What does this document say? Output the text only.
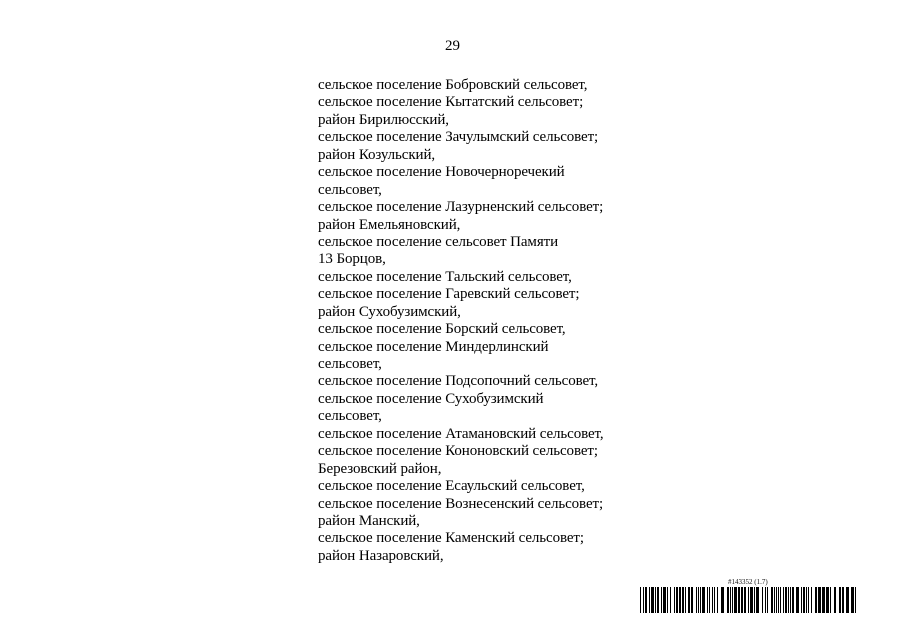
29
сельское поселение Бобровский сельсовет,
сельское поселение Кытатский сельсовет;
район Бирилюсский,
сельское поселение Зачулымский сельсовет;
район Козульский,
сельское поселение Новочерноречекий
сельсовет,
сельское поселение Лазурненский сельсовет;
район Емельяновский,
сельское поселение сельсовет Памяти
13 Борцов,
сельское поселение Тальский сельсовет,
сельское поселение Гаревский сельсовет;
район Сухобузимский,
сельское поселение Борский сельсовет,
сельское поселение Миндерлинский
сельсовет,
сельское поселение Подсопочний сельсовет,
сельское поселение Сухобузимский
сельсовет,
сельское поселение Атамановский сельсовет,
сельское поселение Кононовский сельсовет;
Березовский район,
сельское поселение Есаульский сельсовет,
сельское поселение Вознесенский сельсовет;
район Манский,
сельское поселение Каменский сельсовет;
район Назаровский,
#143352 (1.7)
